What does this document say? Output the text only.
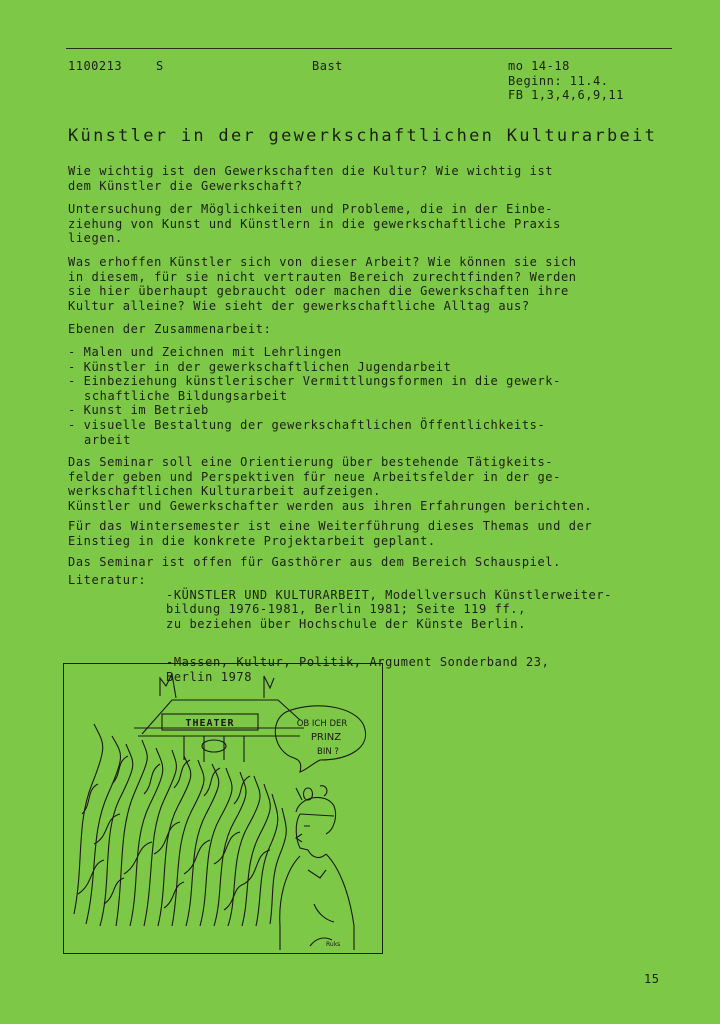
1100213	S	Bast	mo 14-18
Beginn: 11.4.
FB 1,3,4,6,9,11
Künstler in der gewerkschaftlichen Kulturarbeit

Wie wichtig ist den Gewerkschaften die Kultur? Wie wichtig ist
dem Künstler die Gewerkschaft?

Untersuchung der Möglichkeiten und Probleme, die in der Einbe-
ziehung von Kunst und Künstlern in die gewerkschaftliche Praxis
liegen.

Was erhoffen Künstler sich von dieser Arbeit? Wie können sie sich
in diesem, für sie nicht vertrauten Bereich zurechtfinden? Werden
sie hier überhaupt gebraucht oder machen die Gewerkschaften ihre
Kultur alleine? Wie sieht der gewerkschaftliche Alltag aus?

Ebenen der Zusammenarbeit:

- Malen und Zeichnen mit Lehrlingen
- Künstler in der gewerkschaftlichen Jugendarbeit
- Einbeziehung künstlerischer Vermittlungsformen in die gewerk-
schaftliche Bildungsarbeit
- Kunst im Betrieb
- visuelle Bestaltung der gewerkschaftlichen Öffentlichkeits-
arbeit

Das Seminar soll eine Orientierung über bestehende Tätigkeits-
felder geben und Perspektiven für neue Arbeitsfelder in der ge-
werkschaftlichen Kulturarbeit aufzeigen.
Künstler und Gewerkschafter werden aus ihren Erfahrungen berichten.

Für das Wintersemester ist eine Weiterführung dieses Themas und der
Einstieg in die konkrete Projektarbeit geplant.

Das Seminar ist offen für Gasthörer aus dem Bereich Schauspiel.

Literatur:

-KÜNSTLER UND KULTURARBEIT, Modellversuch Künstlerweiter-
bildung 1976-1981, Berlin 1981; Seite 119 ff.,
zu beziehen über Hochschule der Künste Berlin.

-Massen, Kultur, Politik, Argument Sonderband 23,
Berlin 1978

THEATER	OB ICH DER
PRINZ
BIN ?
Ruks
15
